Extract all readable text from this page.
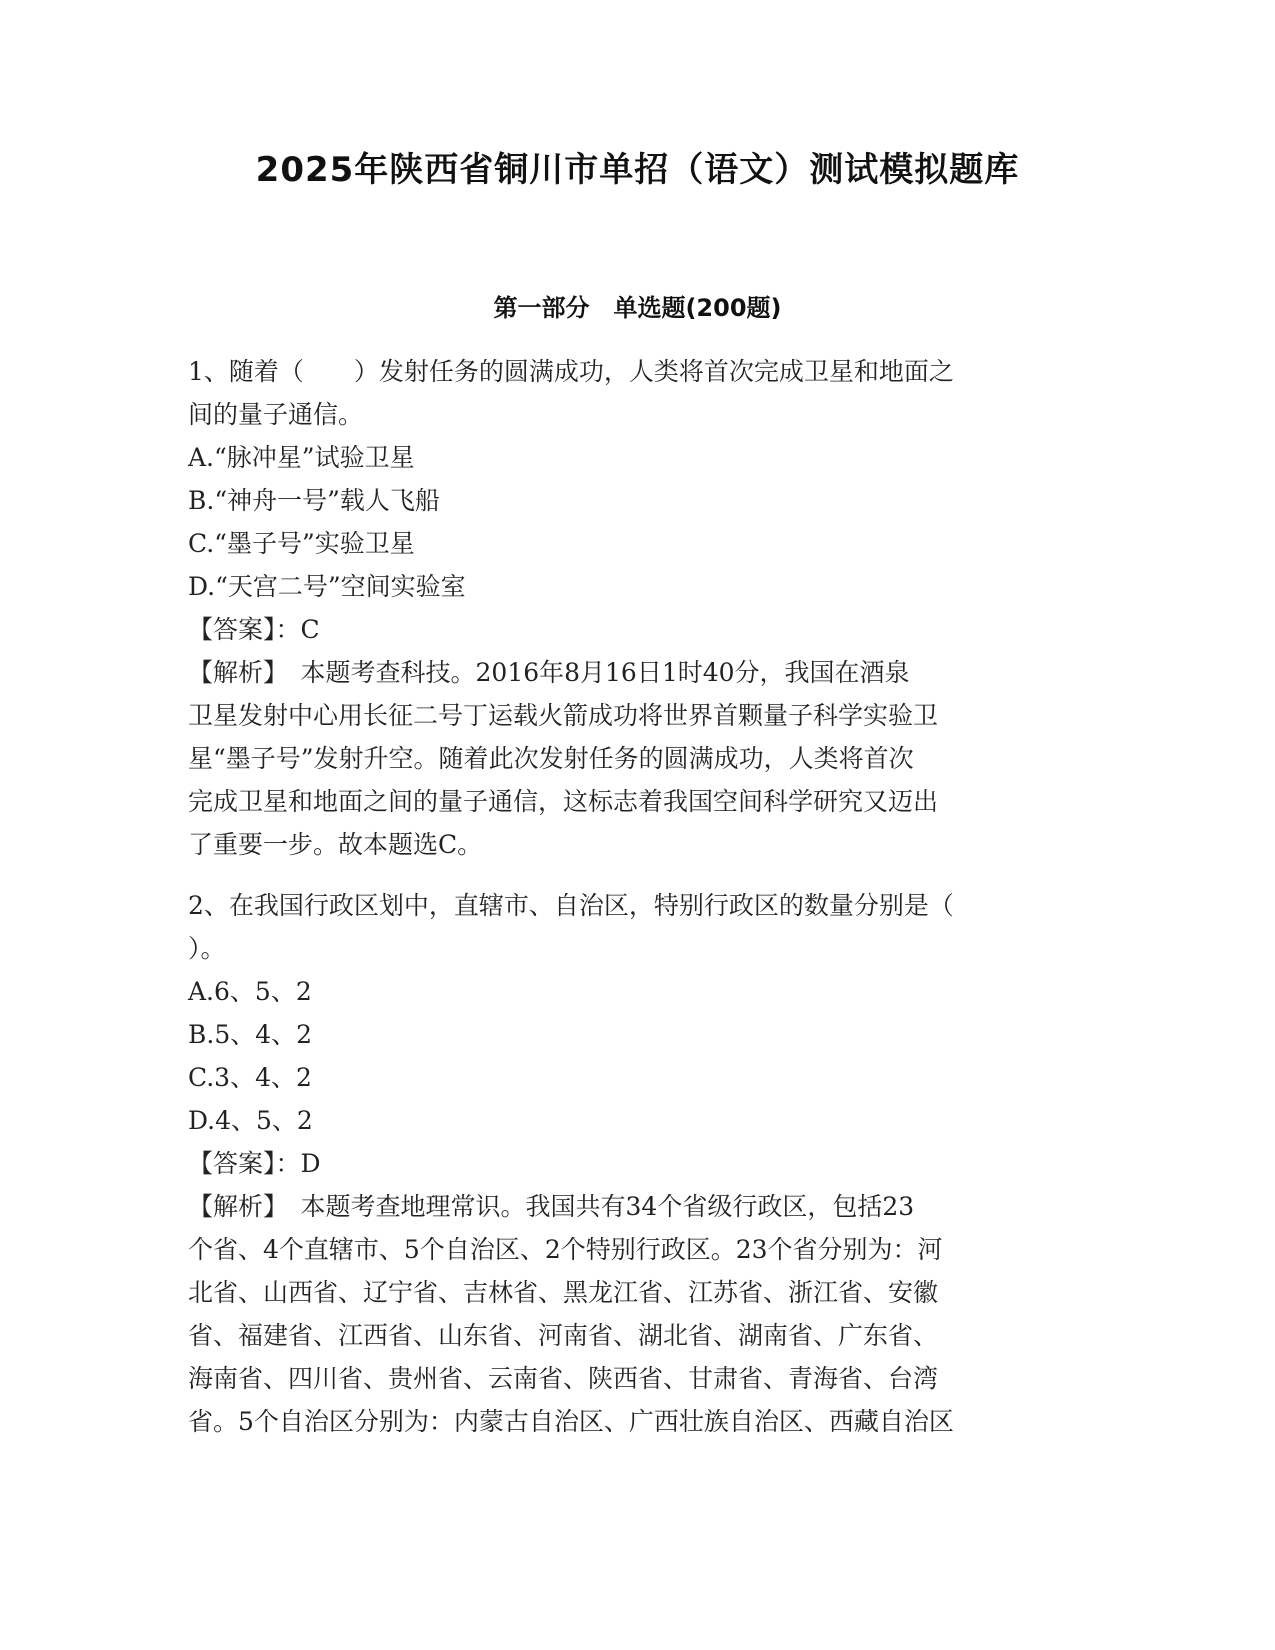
2025年陕西省铜川市单招（语文）测试模拟题库
第一部分　单选题(200题)
1、随着（　　）发射任务的圆满成功，人类将首次完成卫星和地面之
间的量子通信。
A.“脉冲星”试验卫星
B.“神舟一号”载人飞船
C.“墨子号”实验卫星
D.“天宫二号”空间实验室
【答案】：C
【解析】　本题考查科技。2016年8月16日1时40分，我国在酒泉
卫星发射中心用长征二号丁运载火箭成功将世界首颗量子科学实验卫
星“墨子号”发射升空。随着此次发射任务的圆满成功，人类将首次
完成卫星和地面之间的量子通信，这标志着我国空间科学研究又迈出
了重要一步。故本题选C。
2、在我国行政区划中，直辖市、自治区，特别行政区的数量分别是（
）。
A.6、5、2
B.5、4、2
C.3、4、2
D.4、5、2
【答案】：D
【解析】　本题考查地理常识。我国共有34个省级行政区，包括23
个省、4个直辖市、5个自治区、2个特别行政区。23个省分别为：河
北省、山西省、辽宁省、吉林省、黑龙江省、江苏省、浙江省、安徽
省、福建省、江西省、山东省、河南省、湖北省、湖南省、广东省、
海南省、四川省、贵州省、云南省、陕西省、甘肃省、青海省、台湾
省。5个自治区分别为：内蒙古自治区、广西壮族自治区、西藏自治区
